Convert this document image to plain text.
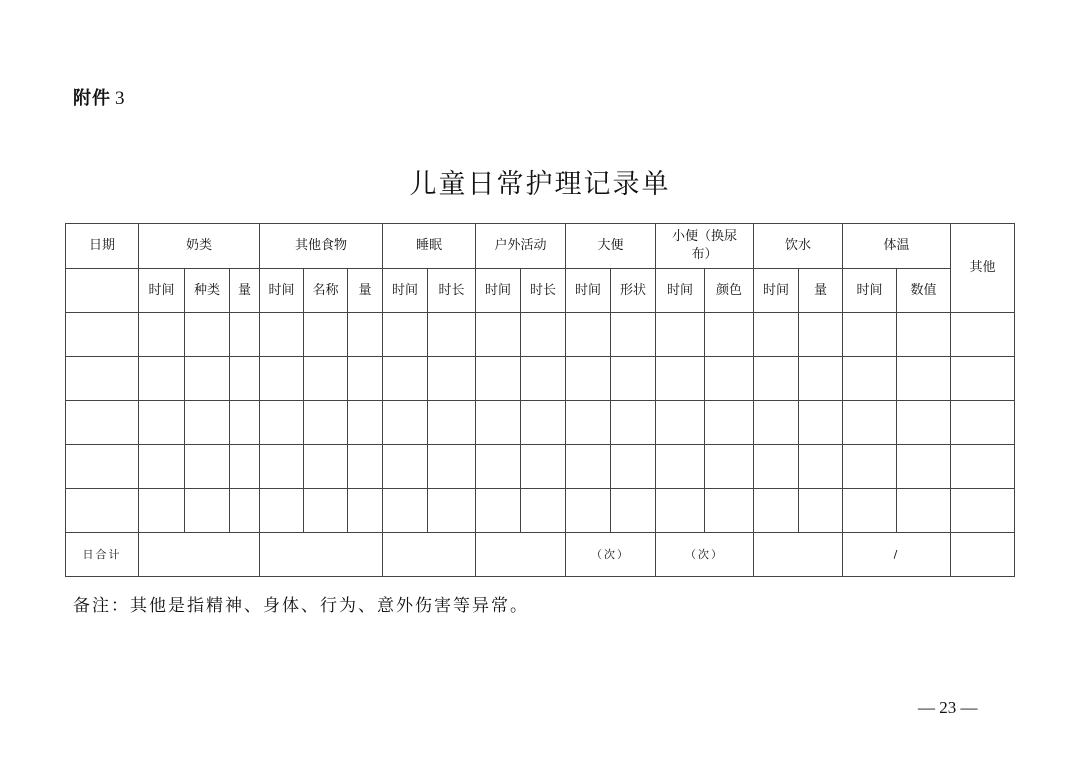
附件 3
儿童日常护理记录单
日期	奶类			其他食物			睡眠		户外活动		大便		小便（换尿布）		饮水		体温		其他
	时间	种类	量	时间	名称	量	时间	时长	时间	时长	时间	形状	时间	颜色	时间	量	时间	数值	

日合计											（次）		（次）				/		
备注：其他是指精神、身体、行为、意外伤害等异常。
— 23 —
